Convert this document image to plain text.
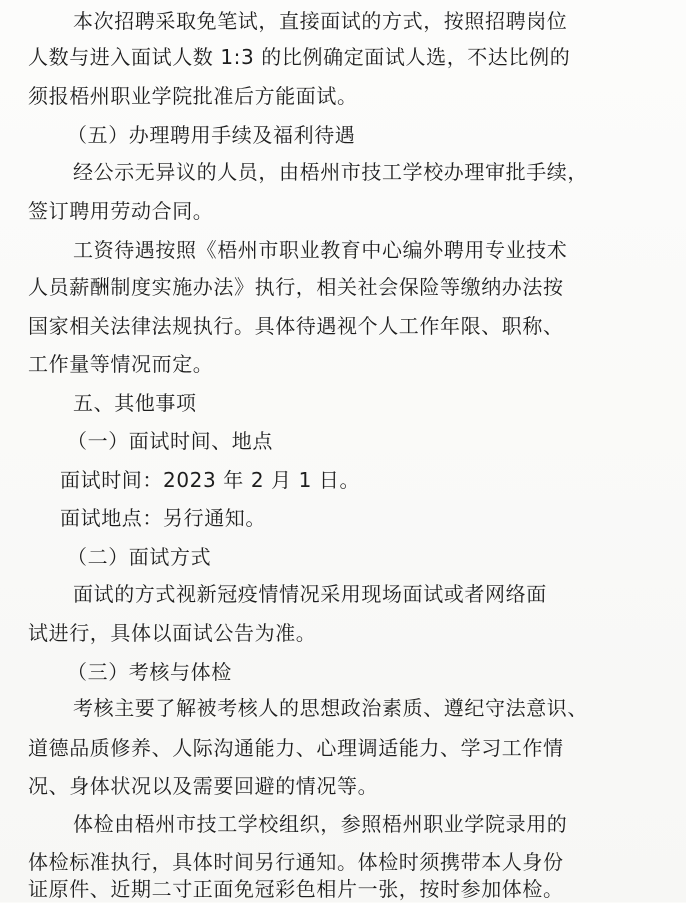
本次招聘采取免笔试，直接面试的方式，按照招聘岗位
人数与进入面试人数 1:3 的比例确定面试人选，不达比例的
须报梧州职业学院批准后方能面试。
（五）办理聘用手续及福利待遇
经公示无异议的人员，由梧州市技工学校办理审批手续，
签订聘用劳动合同。
工资待遇按照《梧州市职业教育中心编外聘用专业技术
人员薪酬制度实施办法》执行，相关社会保险等缴纳办法按
国家相关法律法规执行。具体待遇视个人工作年限、职称、
工作量等情况而定。
五、其他事项
（一）面试时间、地点
面试时间：2023 年 2 月 1 日。
面试地点：另行通知。
（二）面试方式
面试的方式视新冠疫情情况采用现场面试或者网络面
试进行，具体以面试公告为准。
（三）考核与体检
考核主要了解被考核人的思想政治素质、遵纪守法意识、
道德品质修养、人际沟通能力、心理调适能力、学习工作情
况、身体状况以及需要回避的情况等。
体检由梧州市技工学校组织，参照梧州职业学院录用的
体检标准执行，具体时间另行通知。体检时须携带本人身份
证原件、近期二寸正面免冠彩色相片一张，按时参加体检。
